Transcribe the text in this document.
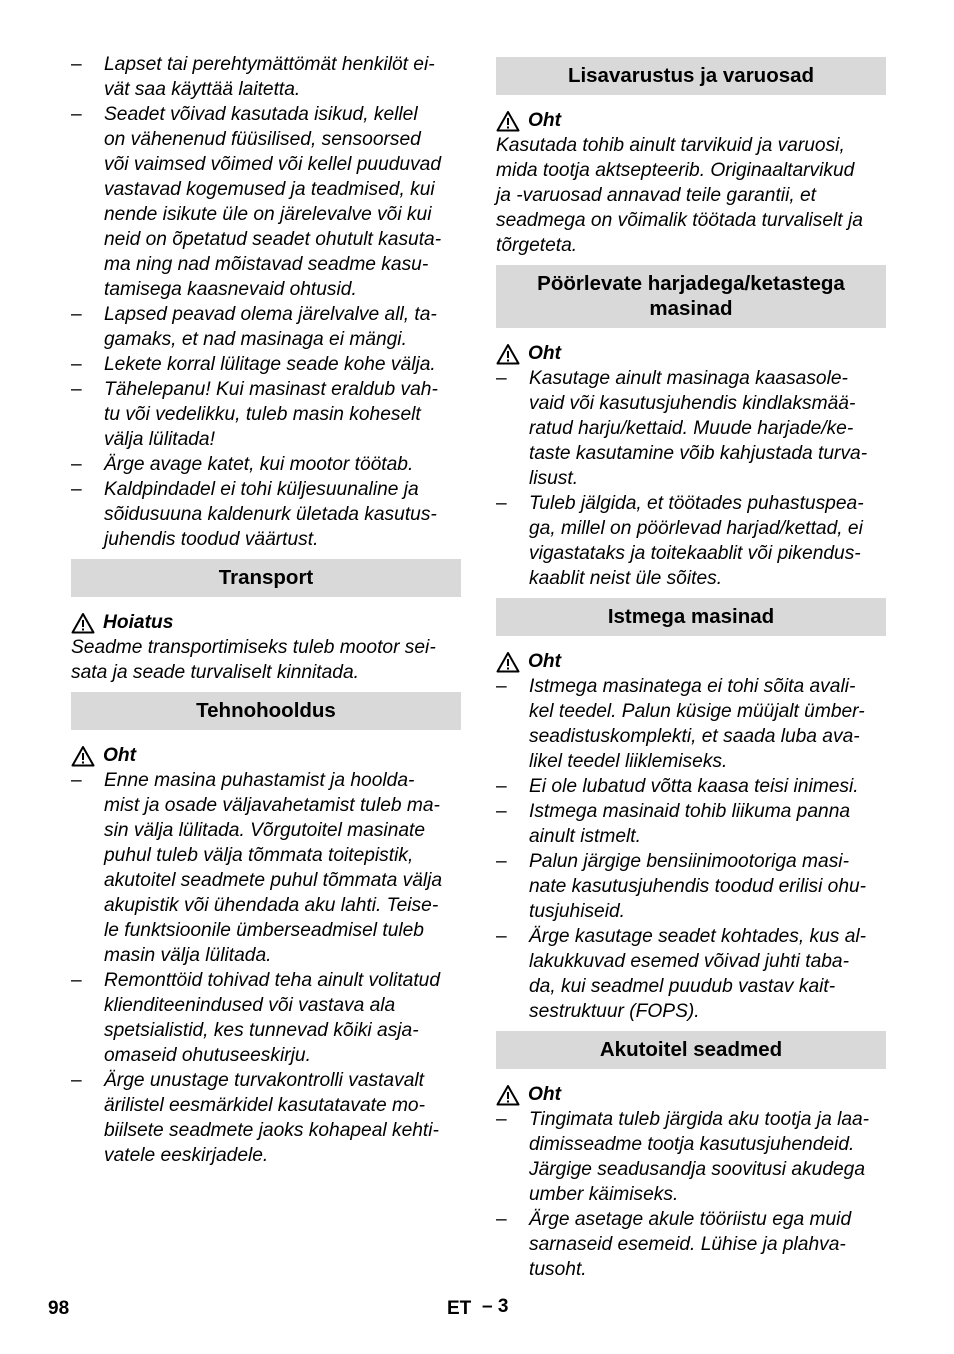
– Lapset tai perehtymättömät henkilöt ei-
vät saa käyttää laitetta.
– Seadet võivad kasutada isikud, kellel
on vähenenud füüsilised, sensoorsed
või vaimsed võimed või kellel puuduvad
vastavad kogemused ja teadmised, kui
nende isikute üle on järelevalve või kui
neid on õpetatud seadet ohutult kasuta-
ma ning nad mõistavad seadme kasu-
tamisega kaasnevaid ohtusid.
– Lapsed peavad olema järelvalve all, ta-
gamaks, et nad masinaga ei mängi.
– Lekete korral lülitage seade kohe välja.
– Tähelepanu! Kui masinast eraldub vah-
tu või vedelikku, tuleb masin koheselt
välja lülitada!
– Ärge avage katet, kui mootor töötab.
– Kaldpindadel ei tohi küljesuunaline ja
sõidusuuna kaldenurk ületada kasutus-
juhendis toodud väärtust.
Transport
Hoiatus
Seadme transportimiseks tuleb mootor sei-
sata ja seade turvaliselt kinnitada.
Tehnohooldus
Oht
– Enne masina puhastamist ja hoolda-
mist ja osade väljavahetamist tuleb ma-
sin välja lülitada. Võrgutoitel masinate
puhul tuleb välja tõmmata toitepistik,
akutoitel seadmete puhul tõmmata välja
akupistik või ühendada aku lahti. Teise-
le funktsioonile ümberseadmisel tuleb
masin välja lülitada.
– Remonttöid tohivad teha ainult volitatud
klienditeenindused või vastava ala
spetsialistid, kes tunnevad kõiki asja-
omaseid ohutuseeskirju.
– Ärge unustage turvakontrolli vastavalt
ärilistel eesmärkidel kasutatavate mo-
biilsete seadmete jaoks kohapeal kehti-
vatele eeskirjadele.
Lisavarustus ja varuosad
Oht
Kasutada tohib ainult tarvikuid ja varuosi,
mida tootja aktsepteerib. Originaaltarvikud
ja -varuosad annavad teile garantii, et
seadmega on võimalik töötada turvaliselt ja
tõrgeteta.
Pöörlevate harjadega/ketastega
masinad
Oht
– Kasutage ainult masinaga kaasasole-
vaid või kasutusjuhendis kindlaksmää-
ratud harju/kettaid. Muude harjade/ke-
taste kasutamine võib kahjustada turva-
lisust.
– Tuleb jälgida, et töötades puhastuspea-
ga, millel on pöörlevad harjad/kettad, ei
vigastataks ja toitekaablit või pikendus-
kaablit neist üle sõites.
Istmega masinad
Oht
– Istmega masinatega ei tohi sõita avali-
kel teedel. Palun küsige müüjalt ümber-
seadistuskomplekti, et saada luba ava-
likel teedel liiklemiseks.
– Ei ole lubatud võtta kaasa teisi inimesi.
– Istmega masinaid tohib liikuma panna
ainult istmelt.
– Palun järgige bensiinimootoriga masi-
nate kasutusjuhendis toodud erilisi ohu-
tusjuhiseid.
– Ärge kasutage seadet kohtades, kus al-
lakukkuvad esemed võivad juhti taba-
da, kui seadmel puudub vastav kait-
sestruktuur (FOPS).
Akutoitel seadmed
Oht
– Tingimata tuleb järgida aku tootja ja laa-
dimisseadme tootja kasutusjuhendeid.
Järgige seadusandja soovitusi akudega
umber käimiseks.
– Ärge asetage akule tööriistu ega muid
sarnaseid esemeid. Lühise ja plahva-
tusoht.
98	ET – 3
